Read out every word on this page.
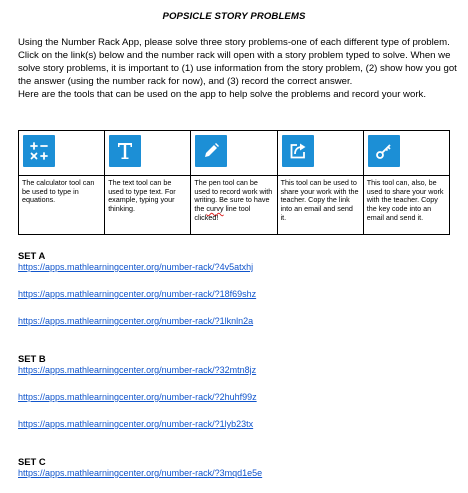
POPSICLE STORY PROBLEMS

Using the Number Rack App, please solve three story problems-one of each different type of problem. Click on the link(s) below and the number rack will open with a story problem typed to solve. When we solve story problems, it is important to (1) use information from the story problem, (2) show how you got the answer (using the number rack for now), and (3) record the correct answer.

Here are the tools that can be used on the app to help solve the problems and record your work.

The calculator tool can be used to type in equations.	The text tool can be used to type text. For example, typing your thinking.	The pen tool can be used to record work with writing. Be sure to have the curvy line tool clicked!	This tool can be used to share your work with the teacher. Copy the link into an email and send it.	This tool can, also, be used to share your work with the teacher. Copy the key code into an email and send it.
SET A
https://apps.mathlearningcenter.org/number-rack/?4v5atxhj
https://apps.mathlearningcenter.org/number-rack/?18f69shz
https://apps.mathlearningcenter.org/number-rack/?1lknln2a
SET B
https://apps.mathlearningcenter.org/number-rack/?32mtn8jz
https://apps.mathlearningcenter.org/number-rack/?2huhf99z
https://apps.mathlearningcenter.org/number-rack/?1lyb23tx
SET C
https://apps.mathlearningcenter.org/number-rack/?3mqd1e5e
